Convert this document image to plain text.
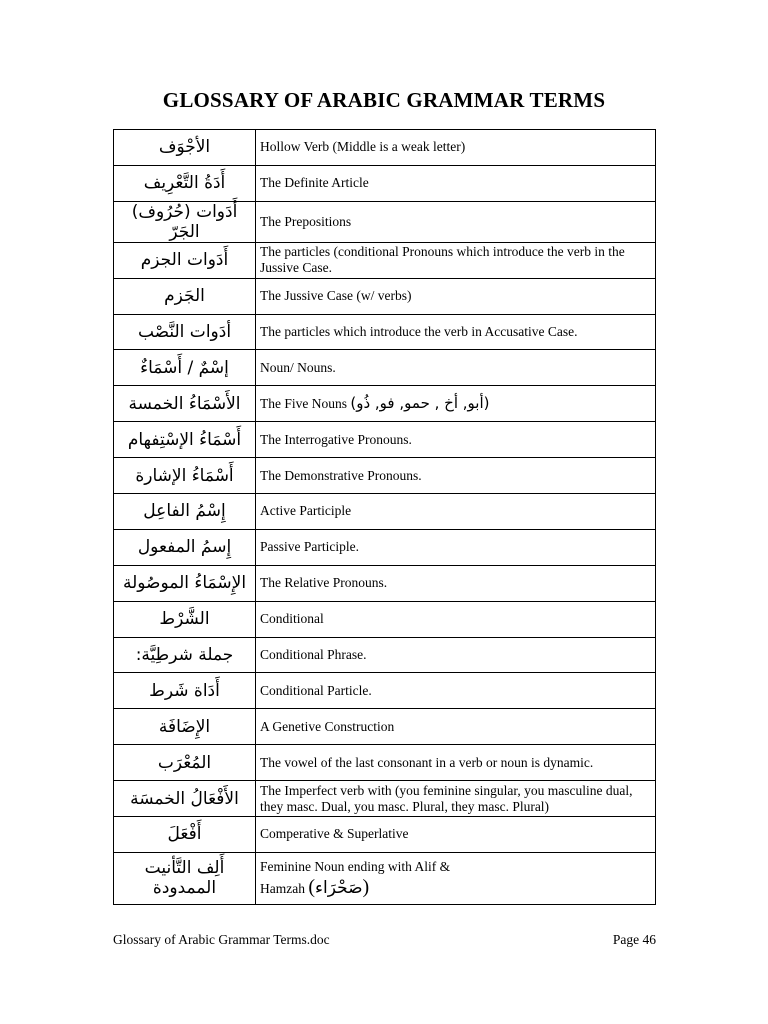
GLOSSARY OF ARABIC GRAMMAR TERMS
الأجْوَف	Hollow Verb (Middle is a weak letter)
أَدَةُ التَّعْرِيف	The Definite Article
أَدَوات (حُرُوف) الجَرّ	The Prepositions
أَدَوات الجزم	The particles (conditional Pronouns which introduce the verb in the Jussive Case.
الجَزم	The Jussive Case (w/ verbs)
أدَوات النَّصْب	The particles which introduce the verb in Accusative Case.
إسْمٌ / أَسْمَاءٌ	Noun/ Nouns.
الأَسْمَاءُ الخمسة	The Five Nouns (أبو, أخ , حمو, فو, ذُو)
أَسْمَاءُ الإسْتِفهام	The Interrogative Pronouns.
أَسْمَاءُ الإشارة	The Demonstrative Pronouns.
إِسْمُ الفاعِل	Active Participle
إِسمُ المفعول	Passive Participle.
الإِسْمَاءُ الموصُولة	The Relative Pronouns.
الشَّرْط	Conditional
جملة شرطِيَّة:	Conditional Phrase.
أَدَاة شَرط	Conditional Particle.
الإِضَافَة	A Genetive Construction
المُعْرَب	The vowel of the last consonant in a verb or noun is dynamic.
الأَفْعَالُ الخمسَة	The Imperfect verb with (you feminine singular, you masculine dual, they masc. Dual, you masc. Plural, they masc. Plural)
أَفْعَلَ	Comperative & Superlative
أَلِف التَّأنيت الممدودة	Feminine Noun ending with Alif &
Hamzah (صَحْرَاء)
Glossary of Arabic Grammar Terms.doc	Page 46
